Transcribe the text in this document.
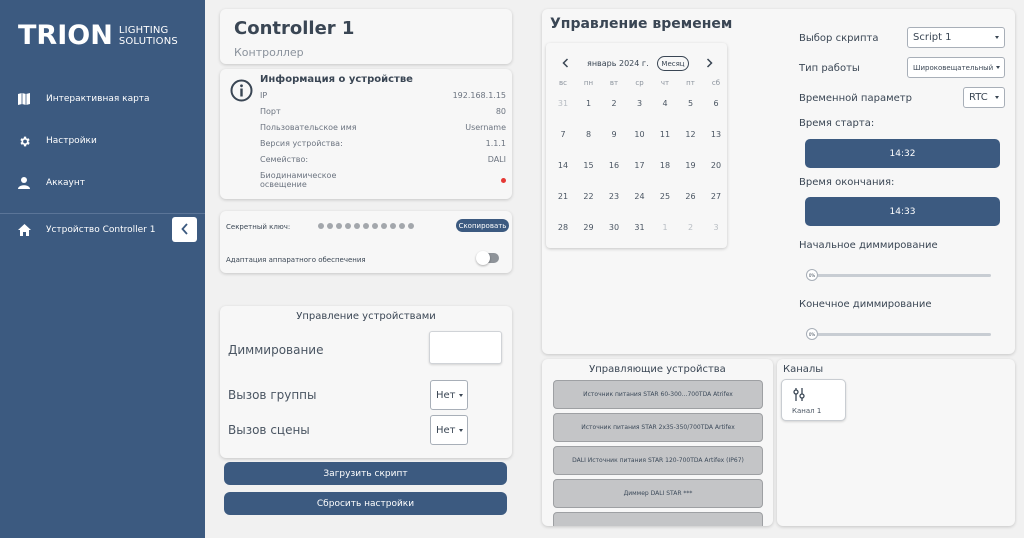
TRION LIGHTING
SOLUTIONS
Интерактивная карта
Настройки
Аккаунт
Устройство Controller 1
Controller 1
Контроллер
Информация о устройстве
IP	192.168.1.15
Порт	80
Пользовательское имя	Username
Версия устройства:	1.1.1
Семейство:	DALI
Биодинамическое
освещение
Секретный ключ:	Скопировать
Адаптация аппаратного обеспечения
Управление устройствами
Диммирование
Вызов группы	Нет
Вызов сцены	Нет
Загрузить скрипт
Сбросить настройки
Управление временем
январь 2024 г.	Месяц
вс	пн	вт	ср	чт	пт	сб
31	1	2	3	4	5	6
7	8	9	10	11	12	13
14	15	16	17	18	19	20
21	22	23	24	25	26	27
28	29	30	31	1	2	3
Выбор скрипта	Script 1
Тип работы	Широковещательный
Временной параметр	RTC
Время старта:
Время окончания:
Начальное диммирование
Конечное диммирование
14:32
14:33
0%
0%
Управляющие устройства
Источник питания STAR 60-300...700TDA Atrifex
Источник питания STAR 2x35-350/700TDA Artifex
DALI Источник питания STAR 120-700TDA Artifex (IP67)
Диммер DALI STAR ***
Каналы
Канал 1
